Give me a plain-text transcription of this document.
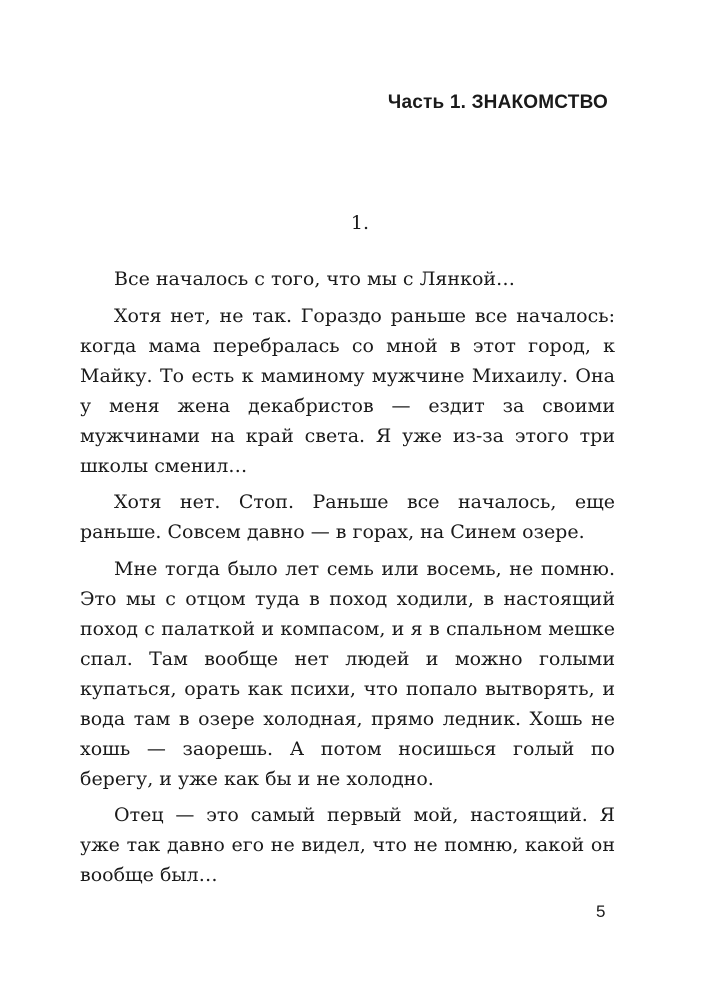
Часть 1. ЗНАКОМСТВО
1.

Все началось с того, что мы с Лянкой…

Хотя нет, не так. Гораздо раньше все началось: когда мама перебралась со мной в этот город, к Майку. То есть к маминому мужчине Михаилу. Она у меня жена декабристов — ездит за своими мужчинами на край света. Я уже из-за этого три школы сменил…

Хотя нет. Стоп. Раньше все началось, еще раньше. Совсем давно — в горах, на Синем озере.

Мне тогда было лет семь или восемь, не помню. Это мы с отцом туда в поход ходили, в настоящий поход с палаткой и компасом, и я в спальном мешке спал. Там вообще нет людей и можно голыми купаться, орать как психи, что попало вытворять, и вода там в озере холодная, прямо ледник. Хошь не хошь — заорешь. А потом носишься голый по берегу, и уже как бы и не холодно.

Отец — это самый первый мой, настоящий. Я уже так давно его не видел, что не помню, какой он вообще был…

5
